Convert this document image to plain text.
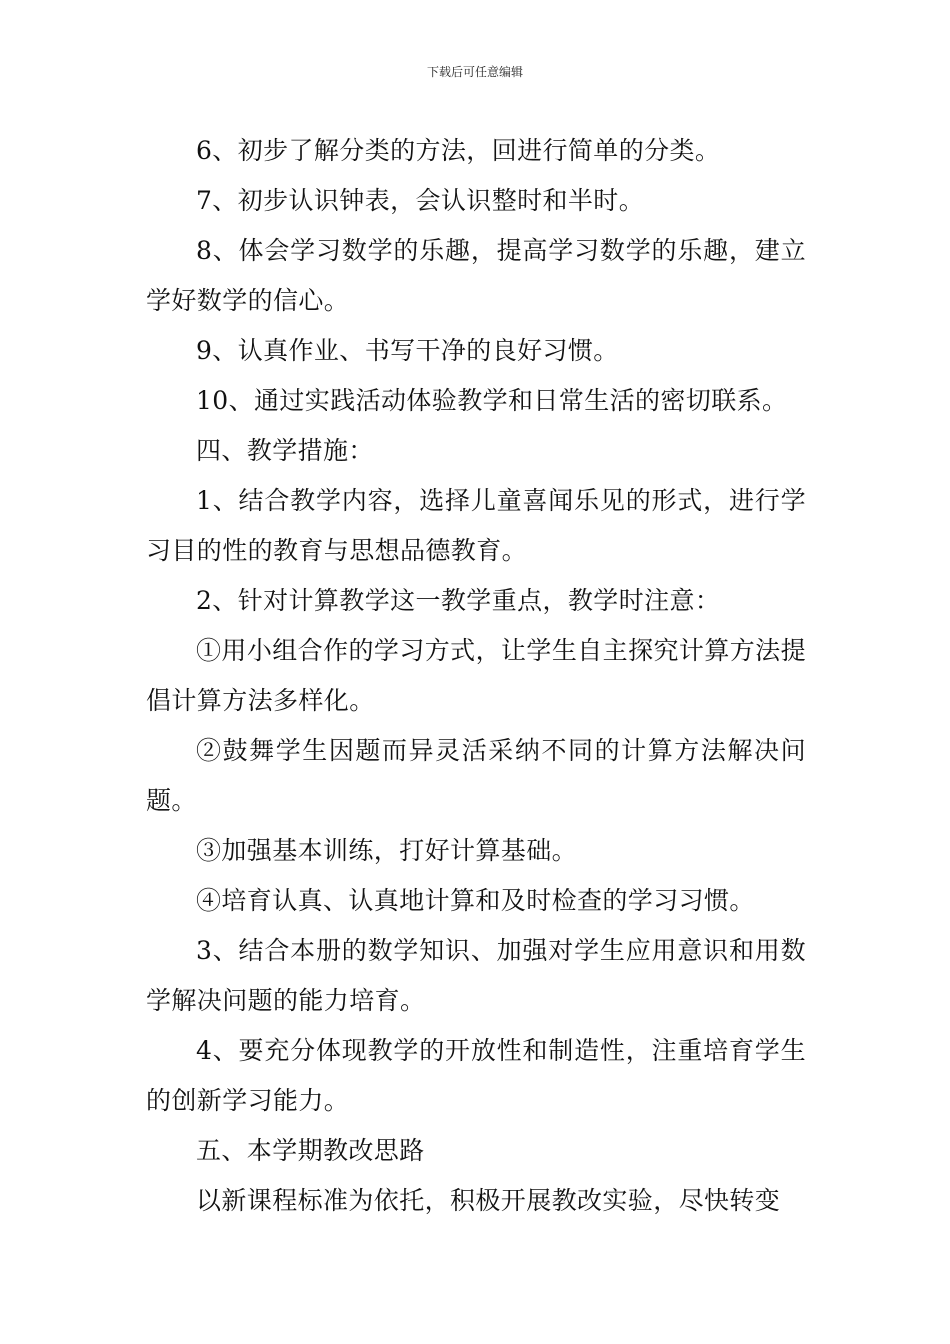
下载后可任意编辑

6、初步了解分类的方法，回进行简单的分类。

7、初步认识钟表，会认识整时和半时。

8、体会学习数学的乐趣，提高学习数学的乐趣，建立学好数学的信心。

9、认真作业、书写干净的良好习惯。

10、通过实践活动体验教学和日常生活的密切联系。

四、教学措施：

1、结合教学内容，选择儿童喜闻乐见的形式，进行学习目的性的教育与思想品德教育。

2、针对计算教学这一教学重点，教学时注意：

①用小组合作的学习方式，让学生自主探究计算方法提倡计算方法多样化。

②鼓舞学生因题而异灵活采纳不同的计算方法解决问题。

③加强基本训练，打好计算基础。

④培育认真、认真地计算和及时检查的学习习惯。

3、结合本册的数学知识、加强对学生应用意识和用数学解决问题的能力培育。

4、要充分体现教学的开放性和制造性，注重培育学生的创新学习能力。

五、本学期教改思路

以新课程标准为依托，积极开展教改实验，尽快转变
